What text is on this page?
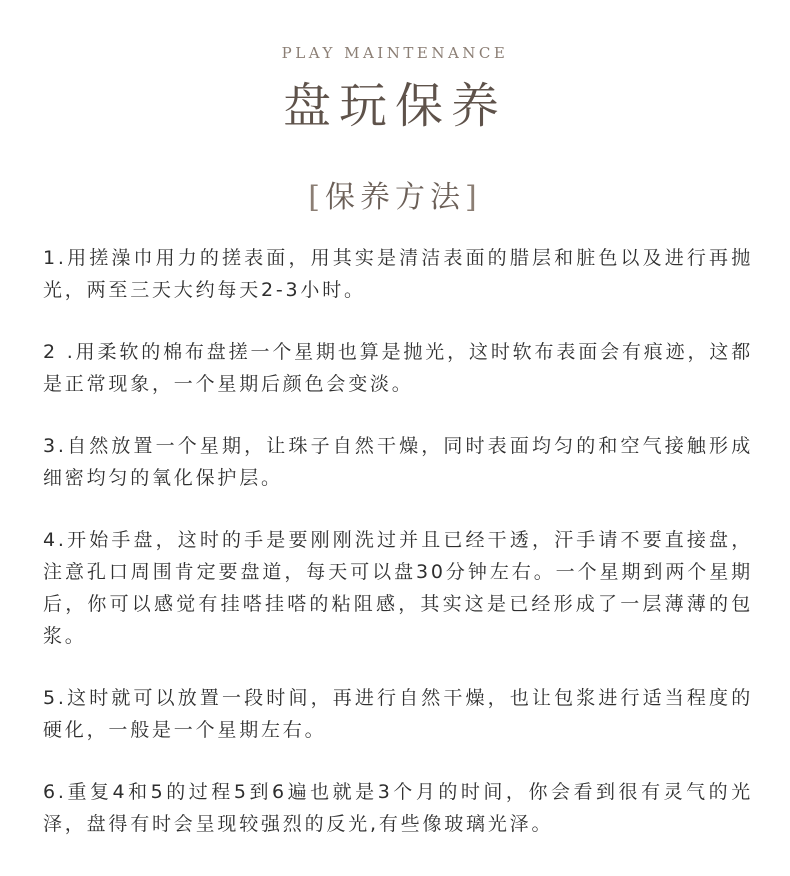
PLAY MAINTENANCE
盘玩保养
[保养方法]

1.用搓澡巾用力的搓表面，用其实是清洁表面的腊层和脏色以及进行再抛光，两至三天大约每天2-3小时。

2 .用柔软的棉布盘搓一个星期也算是抛光，这时软布表面会有痕迹，这都是正常现象，一个星期后颜色会变淡。

3.自然放置一个星期，让珠子自然干燥，同时表面均匀的和空气接触形成细密均匀的氧化保护层。

4.开始手盘，这时的手是要刚刚洗过并且已经干透，汗手请不要直接盘，注意孔口周围肯定要盘道，每天可以盘30分钟左右。一个星期到两个星期后，你可以感觉有挂嗒挂嗒的粘阻感，其实这是已经形成了一层薄薄的包浆。

5.这时就可以放置一段时间，再进行自然干燥，也让包浆进行适当程度的硬化，一般是一个星期左右。

6.重复4和5的过程5到6遍也就是3个月的时间，你会看到很有灵气的光泽，盘得有时会呈现较强烈的反光,有些像玻璃光泽。
